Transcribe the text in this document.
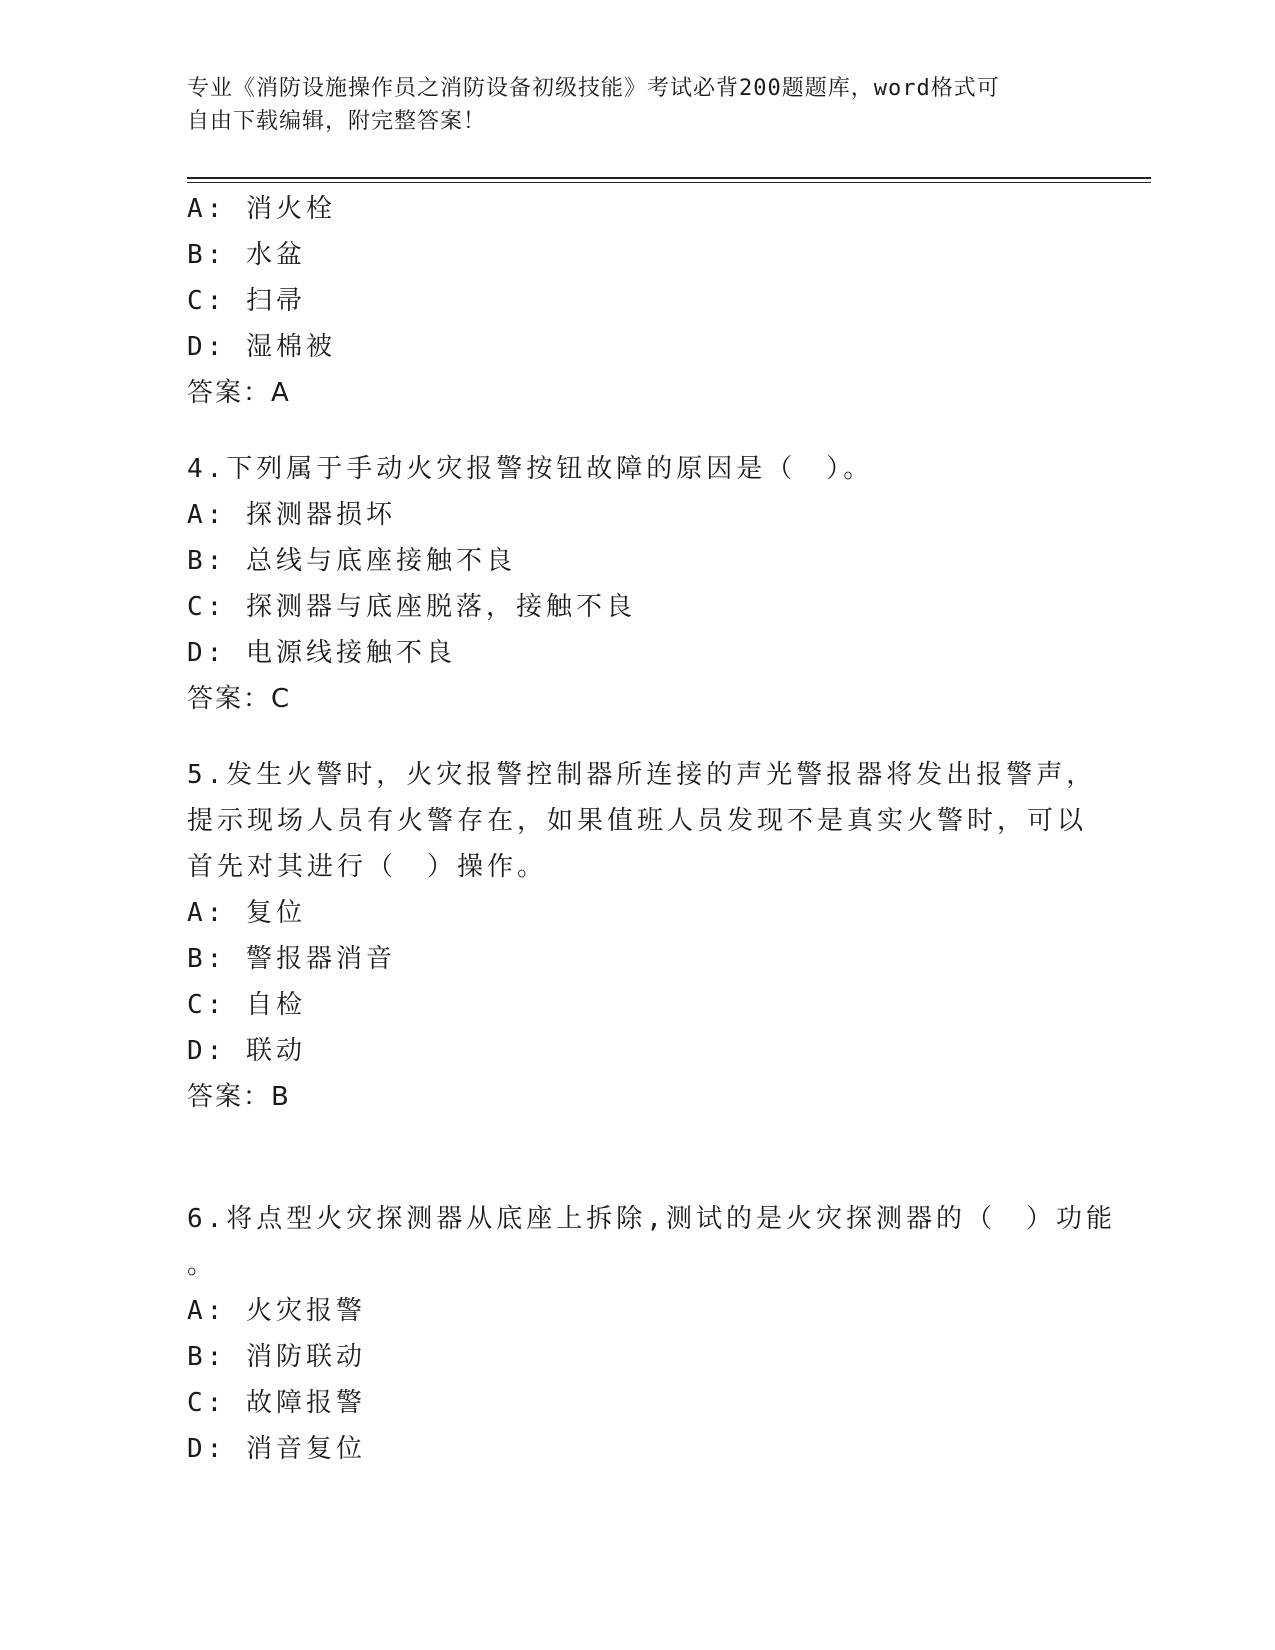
专业《消防设施操作员之消防设备初级技能》考试必背200题题库，word格式可
自由下载编辑，附完整答案！
A: 消火栓
B: 水盆
C: 扫帚
D: 湿棉被
答案：A
4.下列属于手动火灾报警按钮故障的原因是（　）。
A: 探测器损坏
B: 总线与底座接触不良
C: 探测器与底座脱落，接触不良
D: 电源线接触不良
答案：C
5.发生火警时，火灾报警控制器所连接的声光警报器将发出报警声，
提示现场人员有火警存在，如果值班人员发现不是真实火警时，可以
首先对其进行（　）操作。
A: 复位
B: 警报器消音
C: 自检
D: 联动
答案：B
6.将点型火灾探测器从底座上拆除,测试的是火灾探测器的（　）功能
。
A: 火灾报警
B: 消防联动
C: 故障报警
D: 消音复位
